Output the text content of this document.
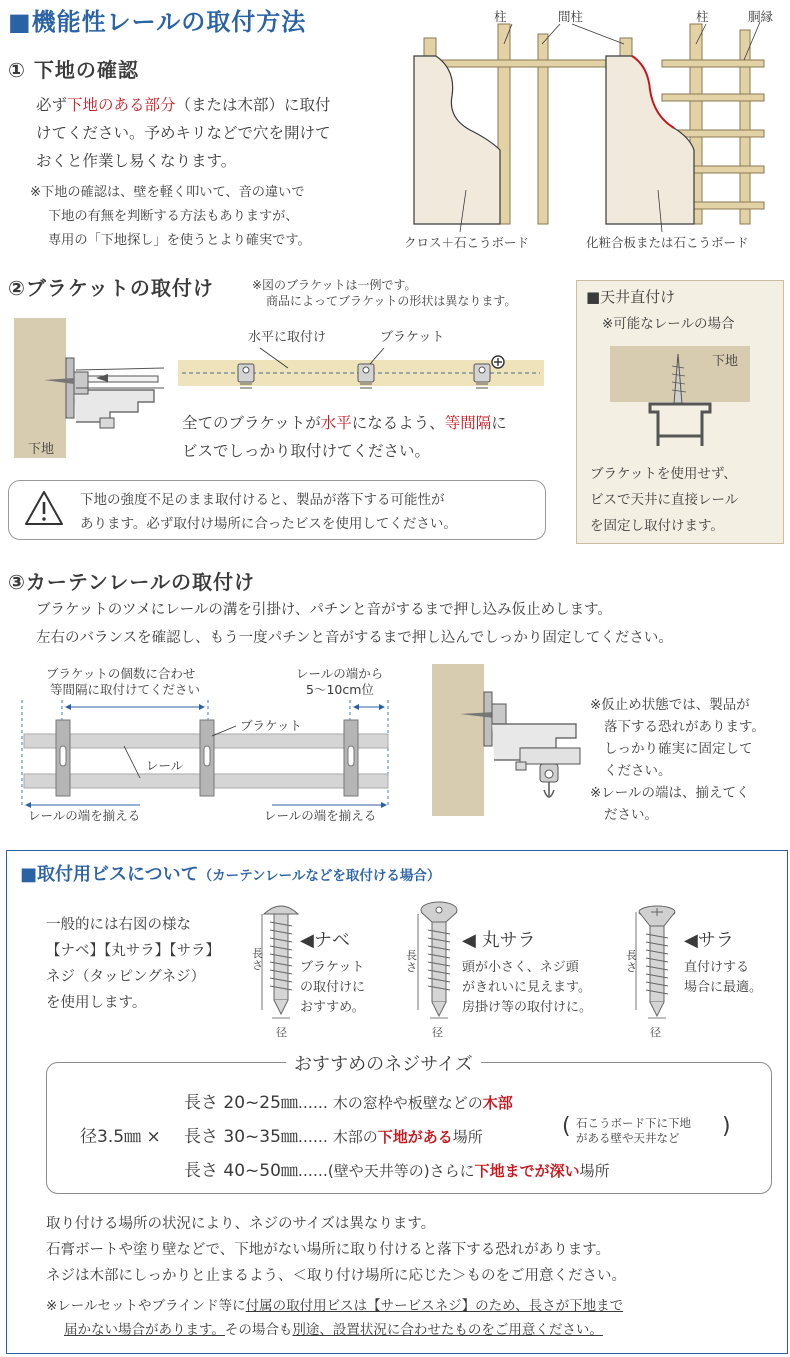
■機能性レールの取付方法
① 下地の確認
必ず下地のある部分（または木部）に取付
けてください。予めキリなどで穴を開けて
おくと作業し易くなります。
※下地の確認は、壁を軽く叩いて、音の違いで
下地の有無を判断する方法もありますが、
専用の「下地探し」を使うとより確実です。
柱	間柱	柱	胴縁
クロス＋石こうボード	化粧合板または石こうボード
②ブラケットの取付け	※図のブラケットは一例です。
商品によってブラケットの形状は異なります。
下地
水平に取付け	ブラケット
全てのブラケットが水平になるよう、等間隔に
ビスでしっかり取付けてください。
下地の強度不足のまま取付けると、製品が落下する可能性が
あります。必ず取付け場所に合ったビスを使用してください。
■天井直付け
※可能なレールの場合
下地
ブラケットを使用せず、
ビスで天井に直接レール
を固定し取付けます。
③カーテンレールの取付け
ブラケットのツメにレールの溝を引掛け、パチンと音がするまで押し込み仮止めします。
左右のバランスを確認し、もう一度パチンと音がするまで押し込んでしっかり固定してください。
ブラケットの個数に合わせ
等間隔に取付けてください
レールの端から
5〜10cm位
ブラケット
レール
レールの端を揃える	レールの端を揃える
※仮止め状態では、製品が
落下する恐れがあります。
しっかり確実に固定して
ください。
※レールの端は、揃えてく
ださい。
■取付用ビスについて（カーテンレールなどを取付ける場合）
一般的には右図の様な
【ナベ】【丸サラ】【サラ】
ネジ（タッピングネジ）
を使用します。
長さ
径
長さ
径
長さ
径
◀ナベ
ブラケット
の取付けに
おすすめ。
◀ 丸サラ
頭が小さく、ネジ頭
がきれいに見えます。
房掛け等の取付けに。
◀サラ
直付けする
場合に最適。
おすすめのネジサイズ
径3.5㎜ ×
長さ 20~25㎜…… 木の窓枠や板壁などの木部
長さ 30~35㎜…… 木部の下地がある場所	( 石こうボード下に下地
がある壁や天井など )
長さ 40~50㎜……(壁や天井等の)さらに下地までが深い場所
取り付ける場所の状況により、ネジのサイズは異なります。
石膏ボートや塗り壁などで、下地がない場所に取り付けると落下する恐れがあります。
ネジは木部にしっかりと止まるよう、＜取り付け場所に応じた＞ものをご用意ください。
※レールセットやブラインド等に付属の取付用ビスは【サービスネジ】のため、長さが下地まで
届かない場合があります。その場合も別途、設置状況に合わせたものをご用意ください。
